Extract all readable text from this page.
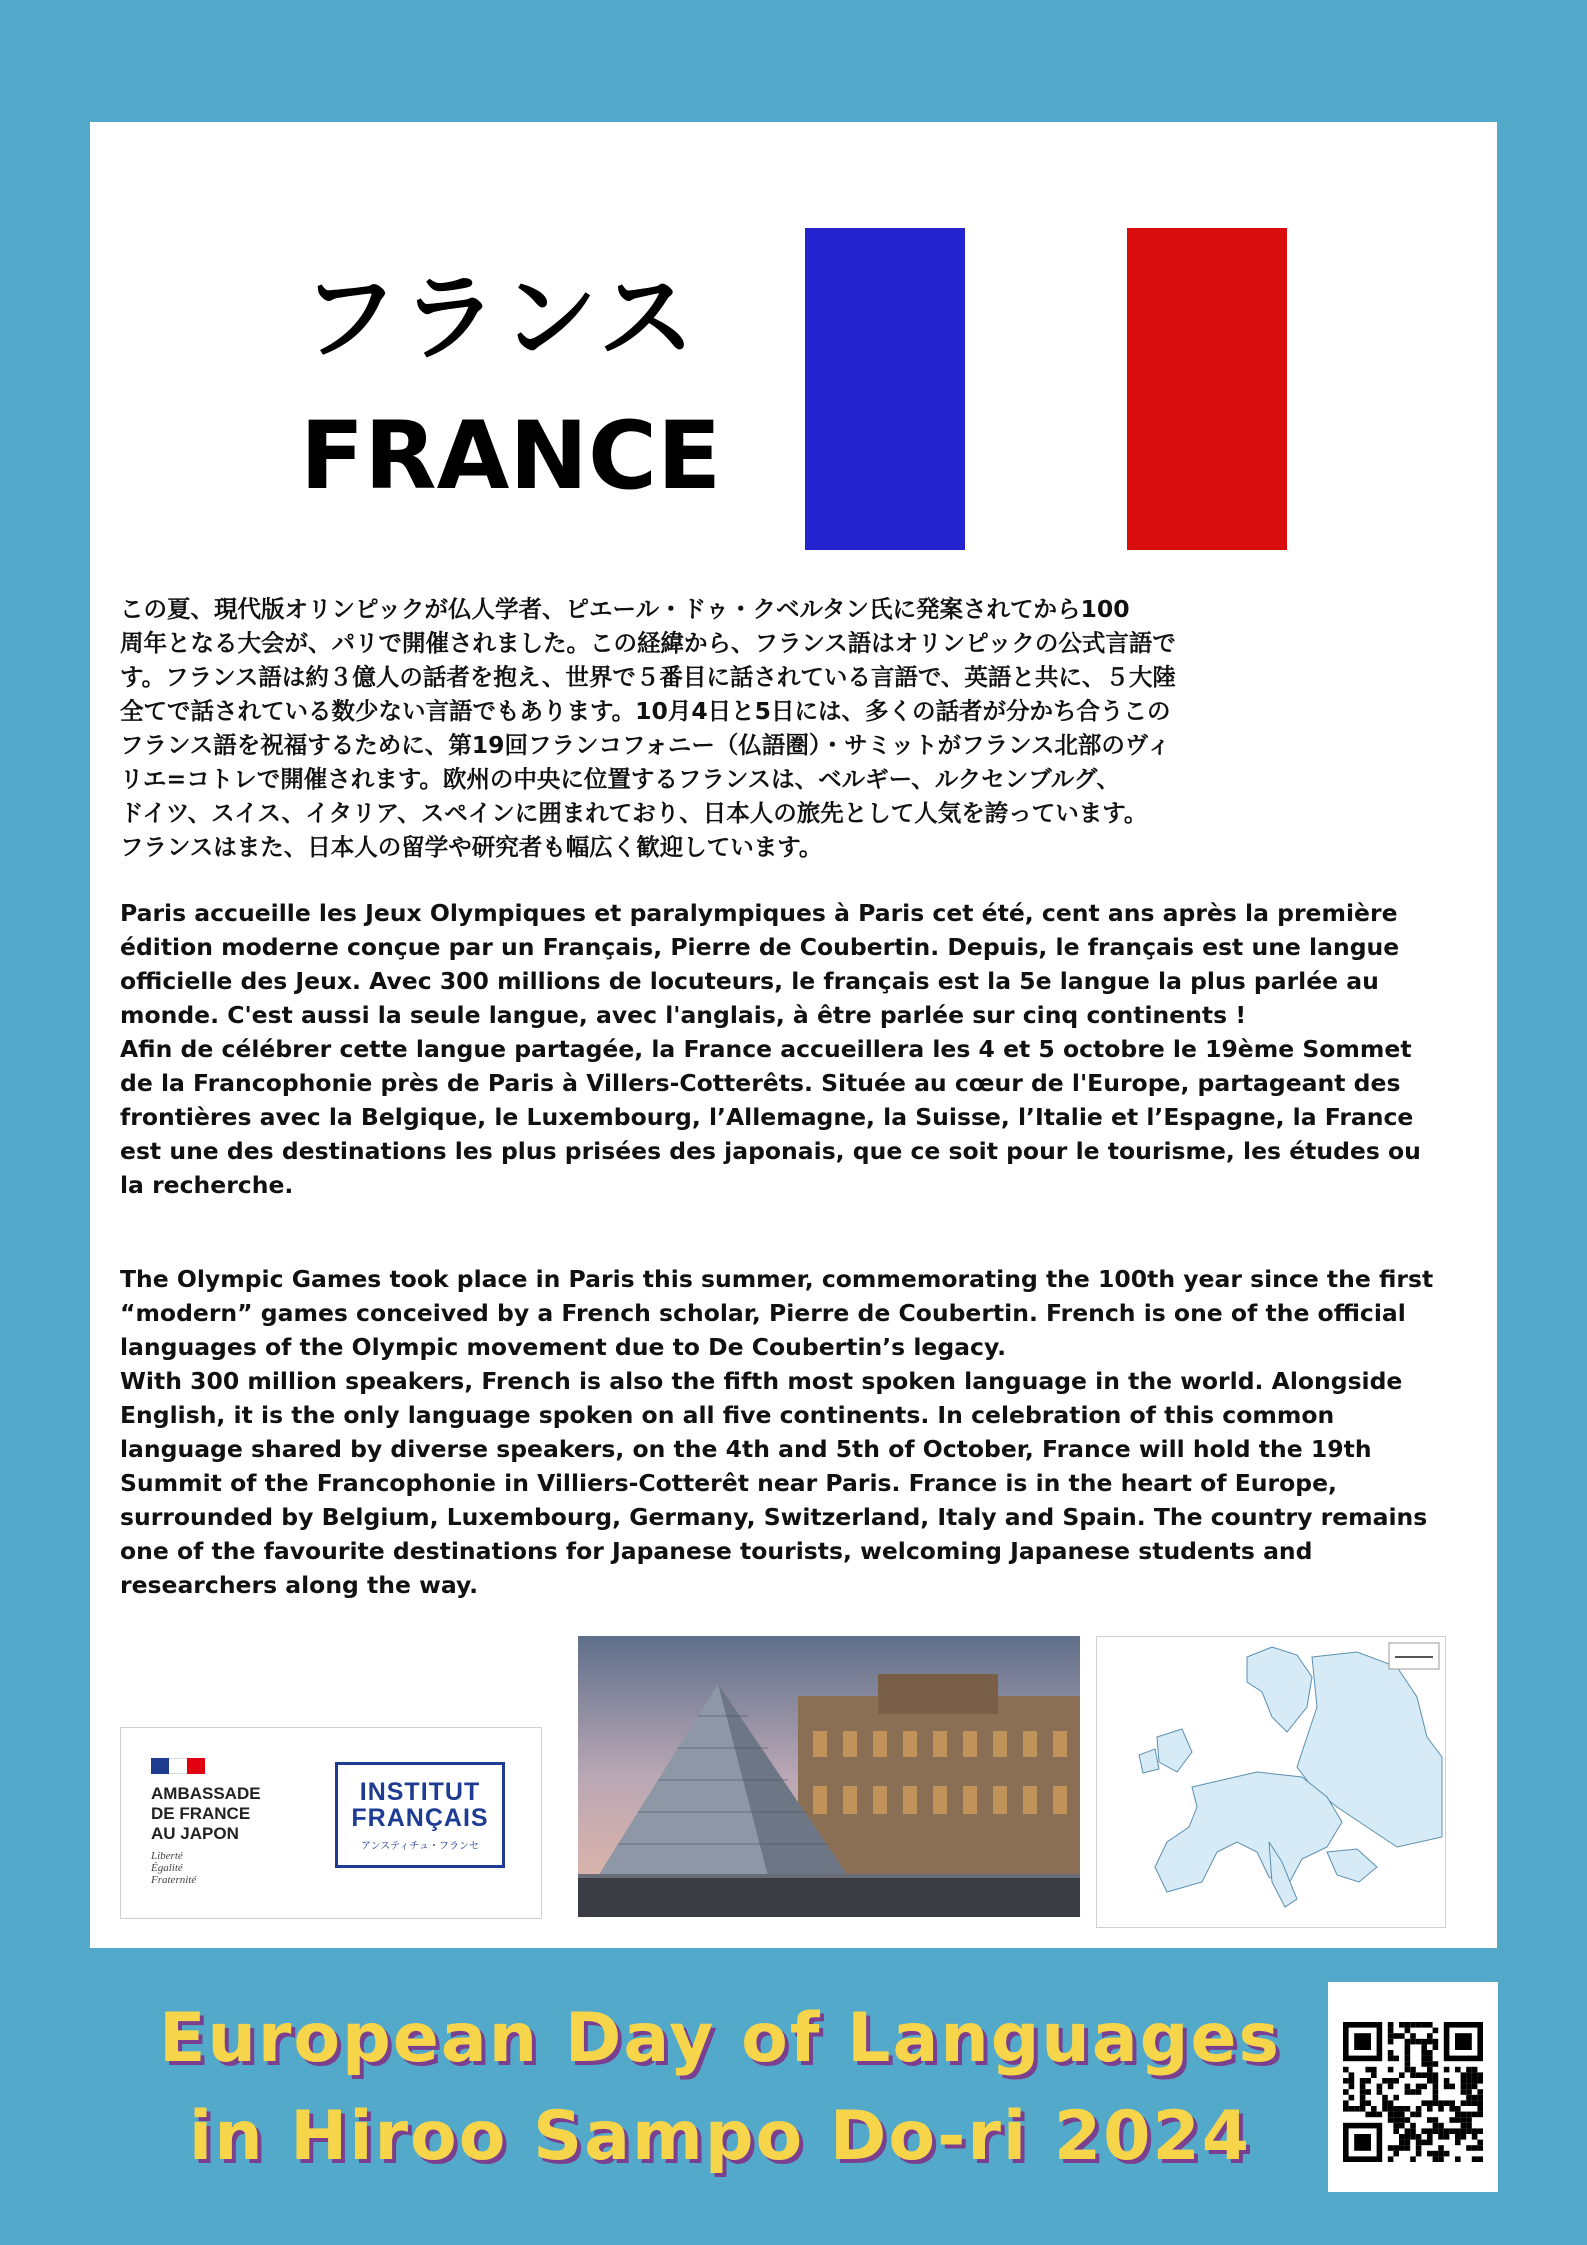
フランス
FRANCE
この夏、現代版オリンピックが仏人学者、ピエール・ドゥ・クベルタン氏に発案されてから100
周年となる大会が、パリで開催されました。この経緯から、フランス語はオリンピックの公式言語で
す。フランス語は約３億人の話者を抱え、世界で５番目に話されている言語で、英語と共に、５大陸
全てで話されている数少ない言語でもあります。10月4日と5日には、多くの話者が分かち合うこの
フランス語を祝福するために、第19回フランコフォニー（仏語圏）・サミットがフランス北部のヴィ
リエ=コトレで開催されます。欧州の中央に位置するフランスは、ベルギー、ルクセンブルグ、
ドイツ、スイス、イタリア、スペインに囲まれており、日本人の旅先として人気を誇っています。
フランスはまた、日本人の留学や研究者も幅広く歓迎しています。

Paris accueille les Jeux Olympiques et paralympiques à Paris cet été, cent ans après la première édition moderne conçue par un Français, Pierre de Coubertin. Depuis, le français est une langue officielle des Jeux. Avec 300 millions de locuteurs, le français est la 5e langue la plus parlée au monde. C'est aussi la seule langue, avec l'anglais, à être parlée sur cinq continents !

Afin de célébrer cette langue partagée, la France accueillera les 4 et 5 octobre le 19ème Sommet de la Francophonie près de Paris à Villers-Cotterêts. Située au cœur de l'Europe, partageant des frontières avec la Belgique, le Luxembourg, l’Allemagne, la Suisse, l’Italie et l’Espagne, la France est une des destinations les plus prisées des japonais, que ce soit pour le tourisme, les études ou la recherche.

The Olympic Games took place in Paris this summer, commemorating the 100th year since the first “modern” games conceived by a French scholar, Pierre de Coubertin. French is one of the official languages of the Olympic movement due to De Coubertin’s legacy.

With 300 million speakers, French is also the fifth most spoken language in the world. Alongside English, it is the only language spoken on all five continents. In celebration of this common language shared by diverse speakers, on the 4th and 5th of October, France will hold the 19th Summit of the Francophonie in Villiers-Cotterêt near Paris. France is in the heart of Europe, surrounded by Belgium, Luxembourg, Germany, Switzerland, Italy and Spain. The country remains one of the favourite destinations for Japanese tourists, welcoming Japanese students and researchers along the way.

AMBASSADE
DE FRANCE
AU JAPON
Liberté
Égalité
Fraternité
INSTITUT
FRANÇAIS
アンスティチュ・フランセ
European Day of Languages
in Hiroo Sampo Do-ri 2024
